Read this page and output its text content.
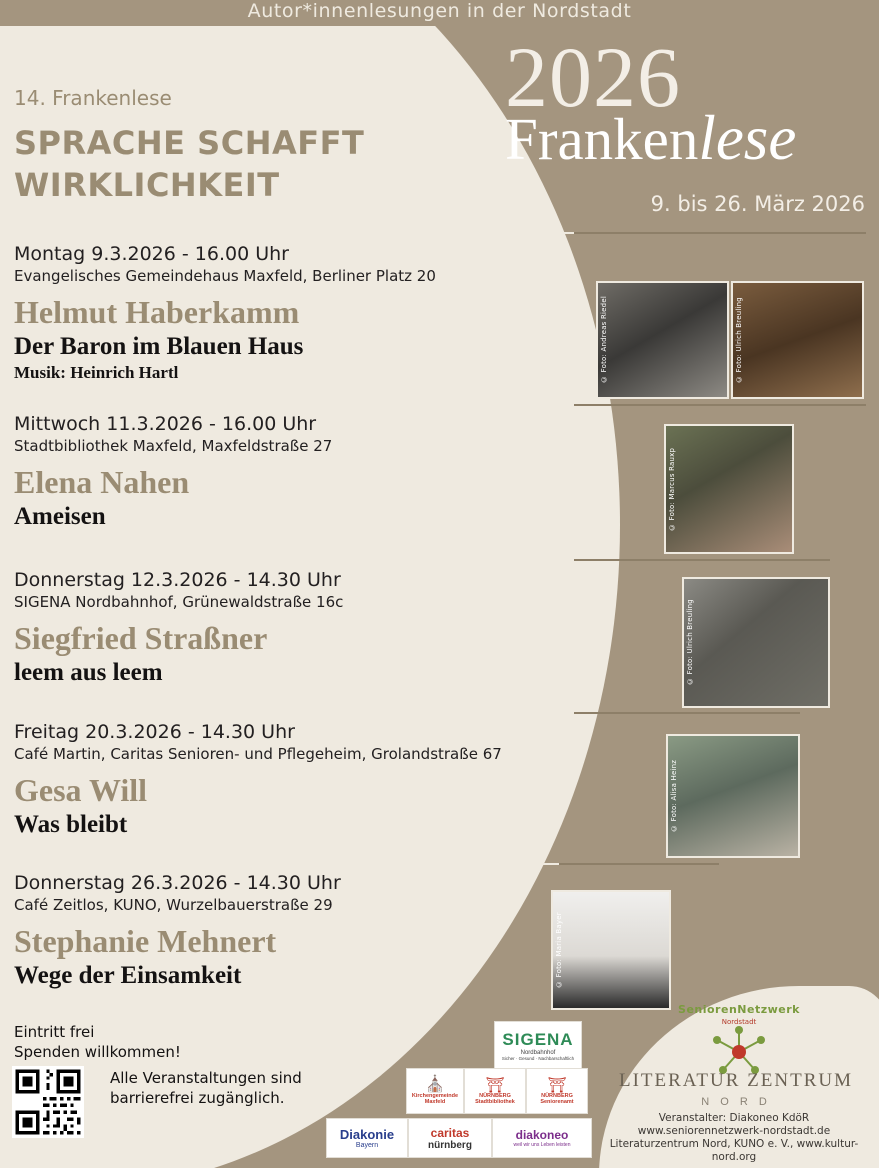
Autor*innenlesungen in der Nordstadt
2026
Frankenlese
9. bis 26. März 2026
14. Frankenlese
SPRACHE SCHAFFT
WIRKLICHKEIT
Montag 9.3.2026 - 16.00 Uhr
Evangelisches Gemeindehaus Maxfeld, Berliner Platz 20
Helmut Haberkamm
Der Baron im Blauen Haus
Musik: Heinrich Hartl	© Foto: Andreas Riedel	© Foto: Ulrich Breuling
Mittwoch 11.3.2026 - 16.00 Uhr
Stadtbibliothek Maxfeld, Maxfeldstraße 27
Elena Nahen
Ameisen	© Foto: Marcus Rauxp
Donnerstag 12.3.2026 - 14.30 Uhr
SIGENA Nordbahnhof, Grünewaldstraße 16c
Siegfried Straßner
leem aus leem	© Foto: Ulrich Breuling
Freitag 20.3.2026 - 14.30 Uhr
Café Martin, Caritas Senioren- und Pflegeheim, Grolandstraße 67
Gesa Will
Was bleibt	© Foto: Alisa Heinz
Donnerstag 26.3.2026 - 14.30 Uhr
Café Zeitlos, KUNO, Wurzelbauerstraße 29
Stephanie Mehnert
Wege der Einsamkeit	© Foto: Maria Bayer
Eintritt frei
Spenden willkommen!
Alle Veranstaltungen sind
barrierefrei zugänglich.
SIGENA
Nordbahnhof
Sicher · Gesund · Nachbarschaftlich
⛪
Kirchengemeinde
Maxfeld
⛩
NÜRNBERG
Stadtbibliothek
⛩
NÜRNBERG
Seniorenamt
Diakonie
Bayern
caritas
nürnberg
diakoneo
weil wir uns Leben leisten
SeniorenNetzwerk
Nordstadt
LITERATUR ZENTRUM
N O R D
Veranstalter: Diakoneo KdöR
www.seniorennetzwerk-nordstadt.de
Literaturzentrum Nord, KUNO e. V., www.kultur-nord.org
